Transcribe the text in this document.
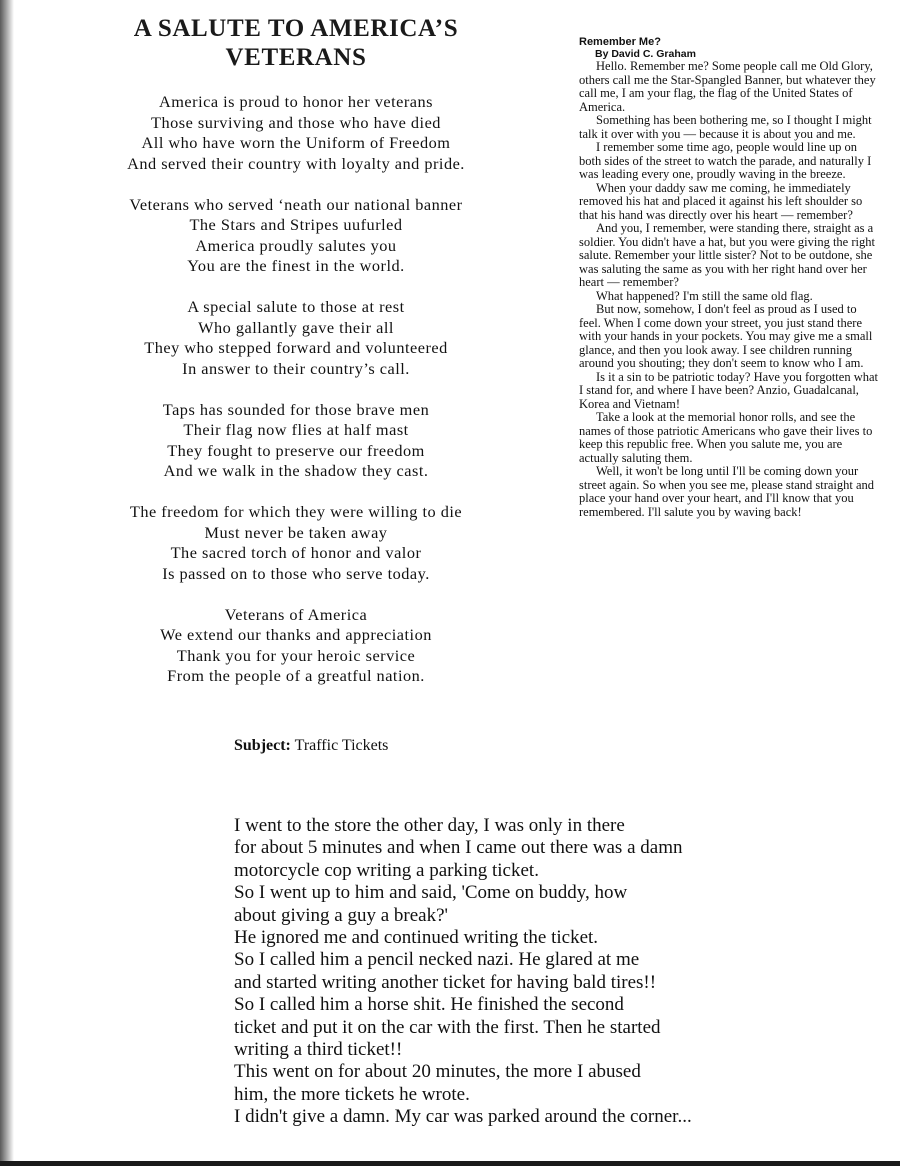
A SALUTE TO AMERICA’S
VETERANS
America is proud to honor her veterans
Those surviving and those who have died
All who have worn the Uniform of Freedom
And served their country with loyalty and pride.
Veterans who served ‘neath our national banner
The Stars and Stripes uufurled
America proudly salutes you
You are the finest in the world.
A special salute to those at rest
Who gallantly gave their all
They who stepped forward and volunteered
In answer to their country’s call.
Taps has sounded for those brave men
Their flag now flies at half mast
They fought to preserve our freedom
And we walk in the shadow they cast.
The freedom for which they were willing to die
Must never be taken away
The sacred torch of honor and valor
Is passed on to those who serve today.
Veterans of America
We extend our thanks and appreciation
Thank you for your heroic service
From the people of a greatful nation.
Remember Me?
By David C. Graham

Hello. Remember me? Some people call me Old Glory, others call me the Star-Spangled Banner, but whatever they call me, I am your flag, the flag of the United States of America.

Something has been bothering me, so I thought I might talk it over with you — because it is about you and me.

I remember some time ago, people would line up on both sides of the street to watch the parade, and naturally I was leading every one, proudly waving in the breeze.

When your daddy saw me coming, he immediately removed his hat and placed it against his left shoulder so that his hand was directly over his heart — remember?

And you, I remember, were standing there, straight as a soldier. You didn't have a hat, but you were giving the right salute. Remember your little sister? Not to be outdone, she was saluting the same as you with her right hand over her heart — remember?

What happened? I'm still the same old flag.

But now, somehow, I don't feel as proud as I used to feel. When I come down your street, you just stand there with your hands in your pockets. You may give me a small glance, and then you look away. I see children running around you shouting; they don't seem to know who I am.

Is it a sin to be patriotic today? Have you forgotten what I stand for, and where I have been? Anzio, Guadalcanal, Korea and Vietnam!

Take a look at the memorial honor rolls, and see the names of those patriotic Americans who gave their lives to keep this republic free. When you salute me, you are actually saluting them.

Well, it won't be long until I'll be coming down your street again. So when you see me, please stand straight and place your hand over your heart, and I'll know that you remembered. I'll salute you by waving back!

Subject: Traffic Tickets
I went to the store the other day, I was only in there
for about 5 minutes and when I came out there was a damn
motorcycle cop writing a parking ticket.
So I went up to him and said, 'Come on buddy, how
about giving a guy a break?'
He ignored me and continued writing the ticket.
So I called him a pencil necked nazi. He glared at me
and started writing another ticket for having bald tires!!
So I called him a horse shit. He finished the second
ticket and put it on the car with the first. Then he started
writing a third ticket!!
This went on for about 20 minutes, the more I abused
him, the more tickets he wrote.
I didn't give a damn. My car was parked around the corner...
